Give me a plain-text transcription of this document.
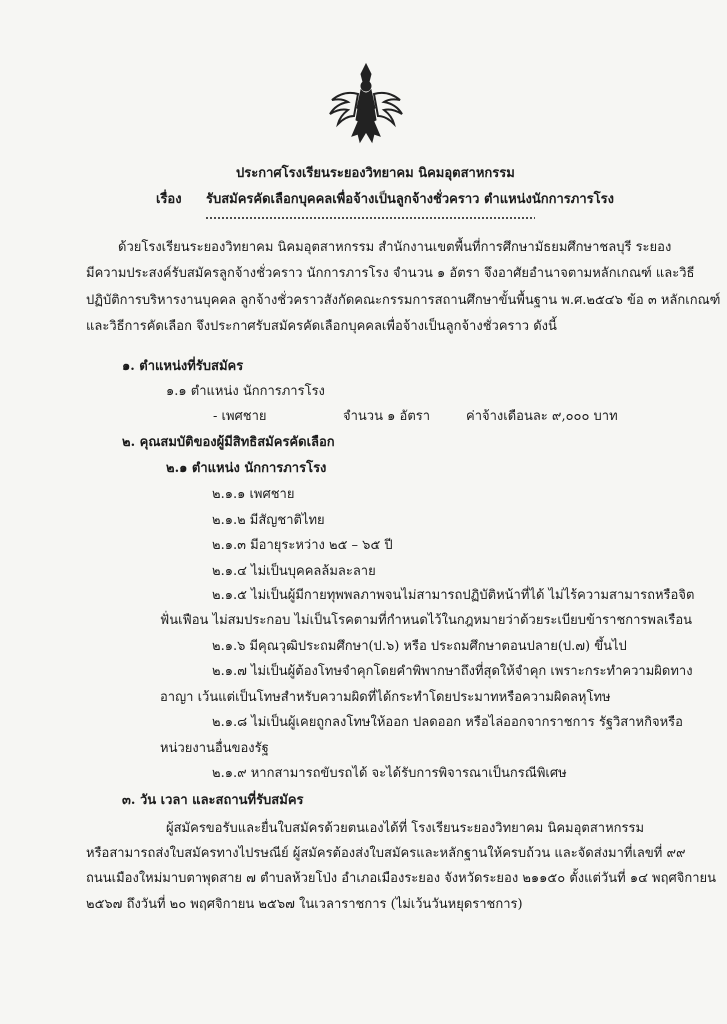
ประกาศโรงเรียนระยองวิทยาคม นิคมอุตสาหกรรม
เรื่อง รับสมัครคัดเลือกบุคคลเพื่อจ้างเป็นลูกจ้างชั่วคราว ตำแหน่งนักการภารโรง
ด้วยโรงเรียนระยองวิทยาคม นิคมอุตสาหกรรม สำนักงานเขตพื้นที่การศึกษามัธยมศึกษาชลบุรี ระยอง
มีความประสงค์รับสมัครลูกจ้างชั่วคราว นักการภารโรง จำนวน ๑ อัตรา จึงอาศัยอำนาจตามหลักเกณฑ์ และวิธี
ปฏิบัติการบริหารงานบุคคล ลูกจ้างชั่วคราวสังกัดคณะกรรมการสถานศึกษาขั้นพื้นฐาน พ.ศ.๒๕๔๖ ข้อ ๓ หลักเกณฑ์
และวิธีการคัดเลือก จึงประกาศรับสมัครคัดเลือกบุคคลเพื่อจ้างเป็นลูกจ้างชั่วคราว ดังนี้
๑. ตำแหน่งที่รับสมัคร
๑.๑ ตำแหน่ง นักการภารโรง
- เพศชาย	จำนวน ๑ อัตรา	ค่าจ้างเดือนละ ๙,๐๐๐ บาท
๒. คุณสมบัติของผู้มีสิทธิสมัครคัดเลือก
๒.๑ ตำแหน่ง นักการภารโรง
๒.๑.๑ เพศชาย
๒.๑.๒ มีสัญชาติไทย
๒.๑.๓ มีอายุระหว่าง ๒๕ – ๖๕ ปี
๒.๑.๔ ไม่เป็นบุคคลล้มละลาย
๒.๑.๕ ไม่เป็นผู้มีกายทุพพลภาพจนไม่สามารถปฏิบัติหน้าที่ได้ ไม่ไร้ความสามารถหรือจิต
ฟั่นเฟือน ไม่สมประกอบ ไม่เป็นโรคตามที่กำหนดไว้ในกฎหมายว่าด้วยระเบียบข้าราชการพลเรือน
๒.๑.๖ มีคุณวุฒิประถมศึกษา(ป.๖) หรือ ประถมศึกษาตอนปลาย(ป.๗) ขึ้นไป
๒.๑.๗ ไม่เป็นผู้ต้องโทษจำคุกโดยคำพิพากษาถึงที่สุดให้จำคุก เพราะกระทำความผิดทาง
อาญา เว้นแต่เป็นโทษสำหรับความผิดที่ได้กระทำโดยประมาทหรือความผิดลหุโทษ
๒.๑.๘ ไม่เป็นผู้เคยถูกลงโทษให้ออก ปลดออก หรือไล่ออกจากราชการ รัฐวิสาหกิจหรือ
หน่วยงานอื่นของรัฐ
๒.๑.๙ หากสามารถขับรถได้ จะได้รับการพิจารณาเป็นกรณีพิเศษ
๓. วัน เวลา และสถานที่รับสมัคร
ผู้สมัครขอรับและยื่นใบสมัครด้วยตนเองได้ที่ โรงเรียนระยองวิทยาคม นิคมอุตสาหกรรม
หรือสามารถส่งใบสมัครทางไปรษณีย์ ผู้สมัครต้องส่งใบสมัครและหลักฐานให้ครบถ้วน และจัดส่งมาที่เลขที่ ๙๙
ถนนเมืองใหม่มาบตาพุดสาย ๗ ตำบลห้วยโป่ง อำเภอเมืองระยอง จังหวัดระยอง ๒๑๑๕๐ ตั้งแต่วันที่ ๑๔ พฤศจิกายน
๒๕๖๗ ถึงวันที่ ๒๐ พฤศจิกายน ๒๕๖๗ ในเวลาราชการ (ไม่เว้นวันหยุดราชการ)
